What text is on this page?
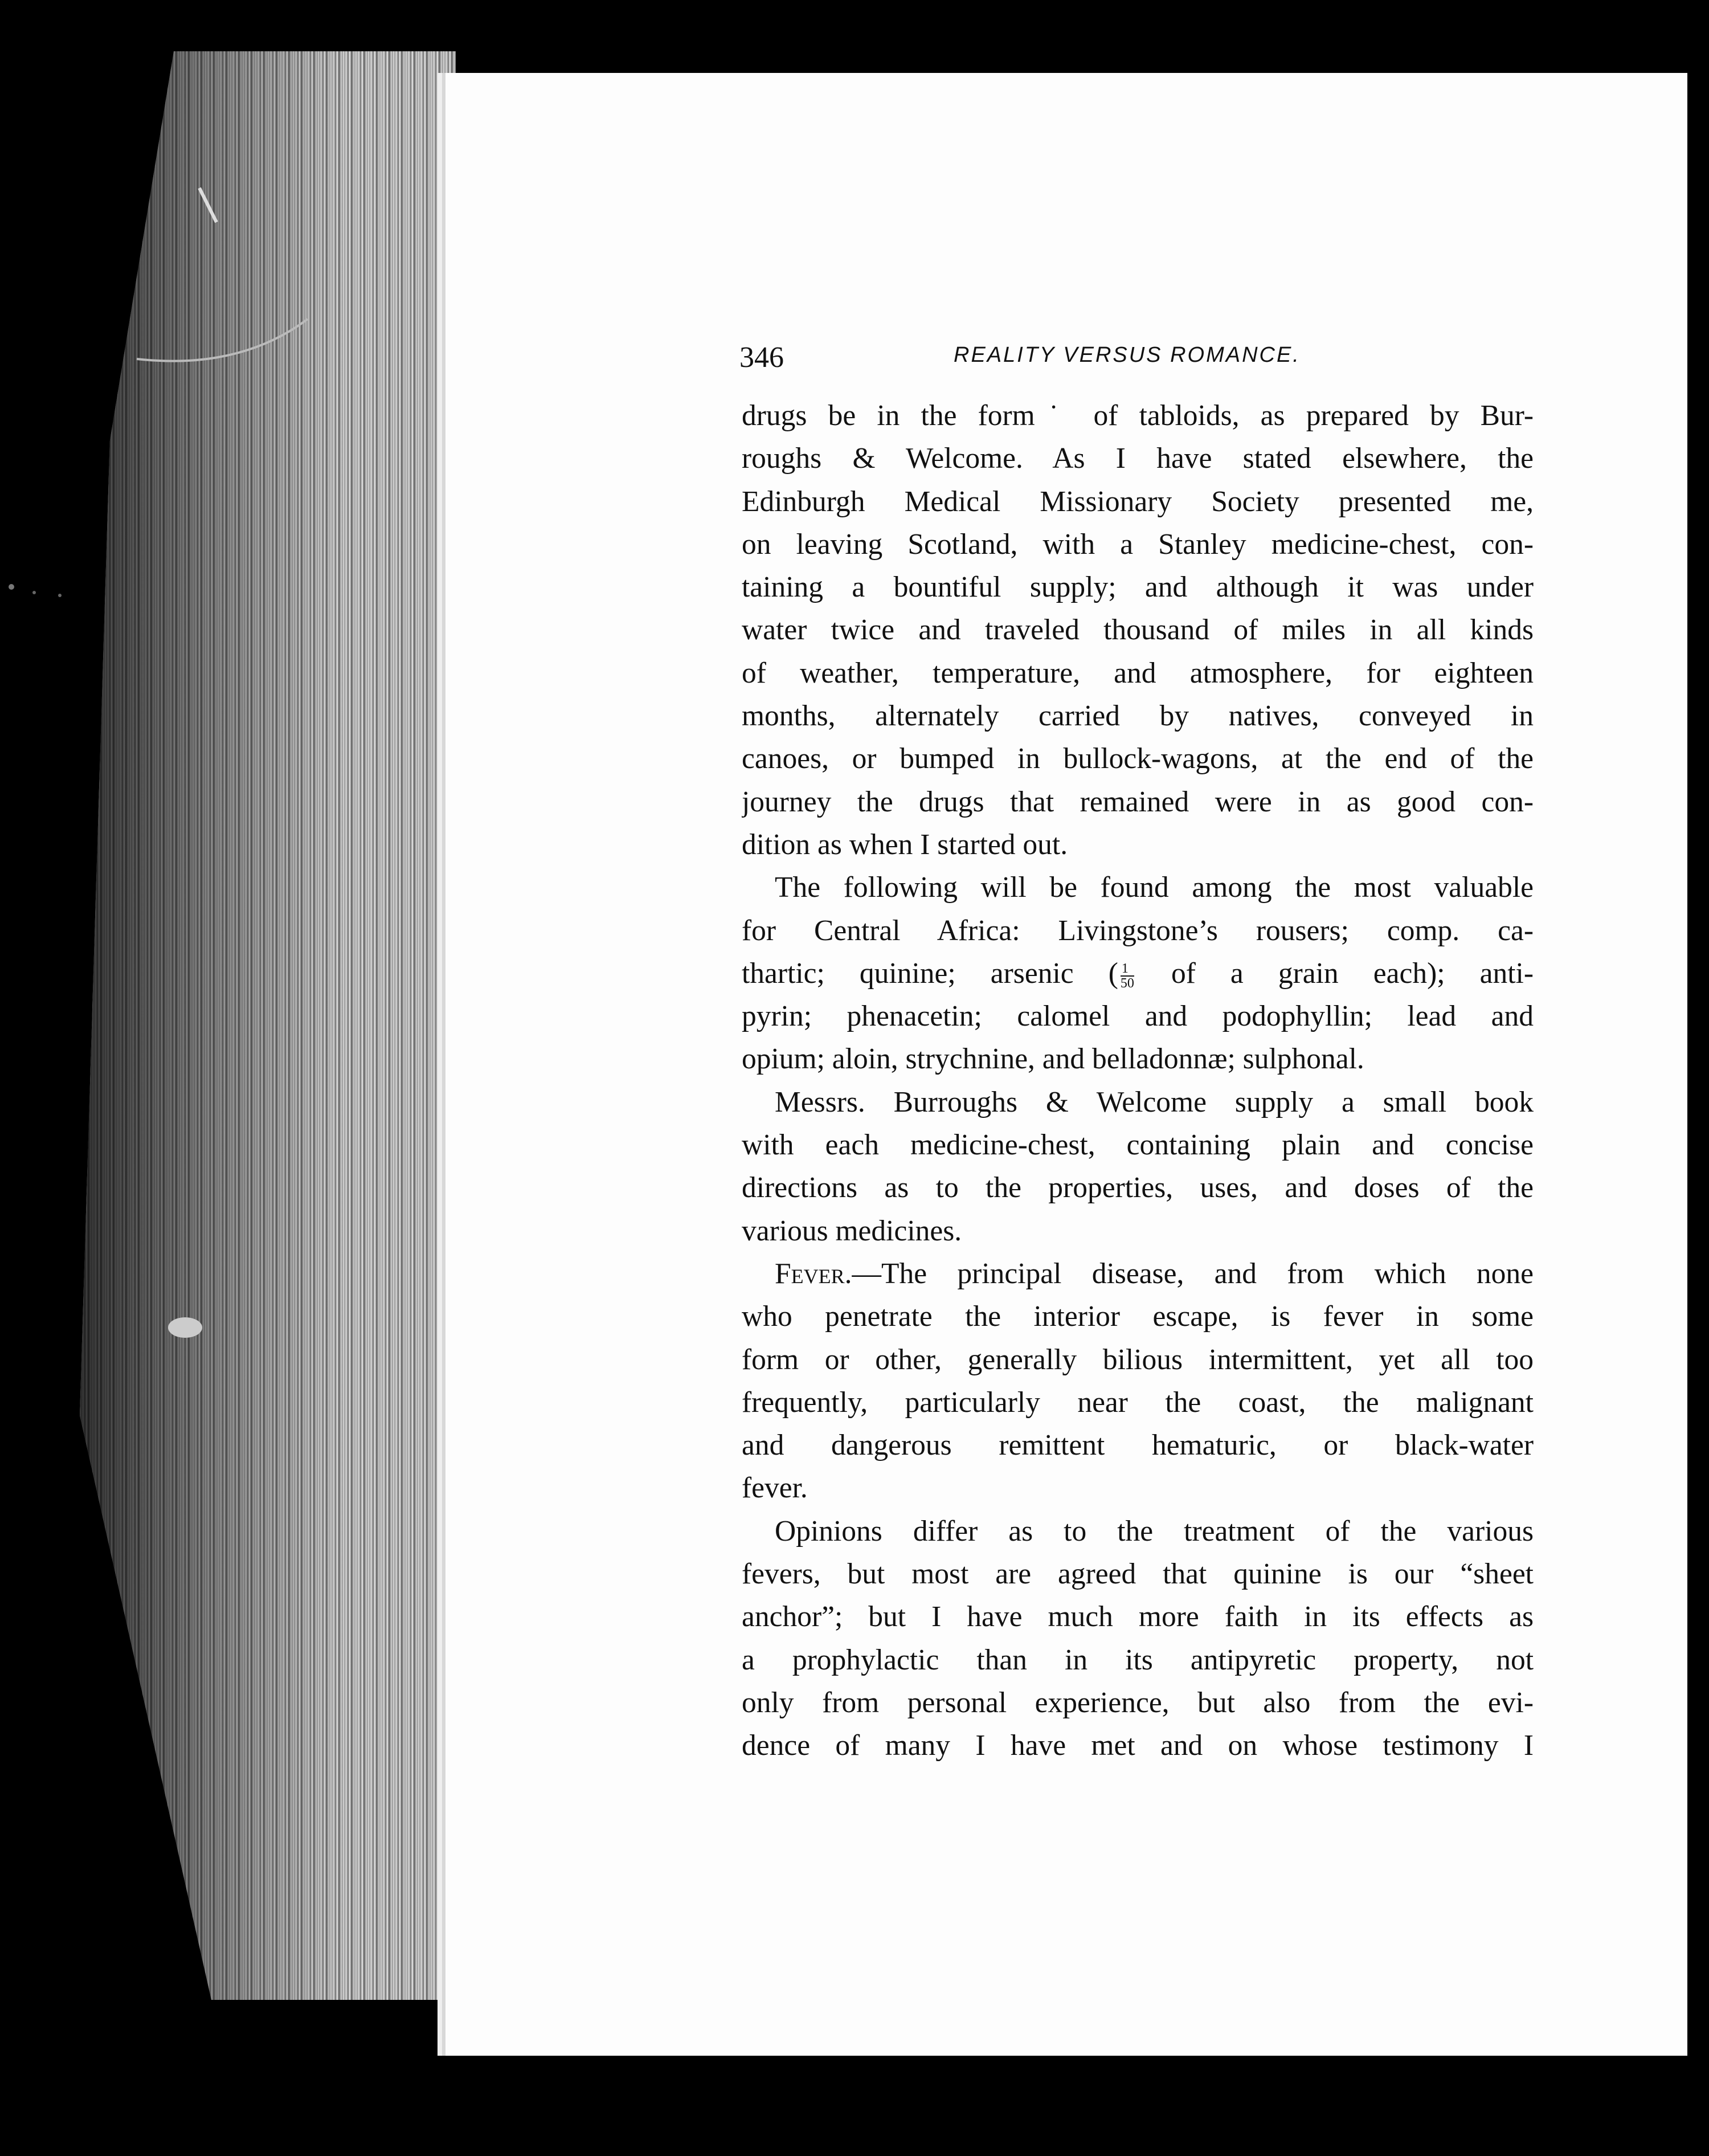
346	REALITY VERSUS ROMANCE.
drugs be in the form˙ of tabloids, as prepared by Bur-
roughs & Welcome. As I have stated elsewhere, the
Edinburgh Medical Missionary Society presented me,
on leaving Scotland, with a Stanley medicine-chest, con-
taining a bountiful supply; and although it was under
water twice and traveled thousand of miles in all kinds
of weather, temperature, and atmosphere, for eighteen
months, alternately carried by natives, conveyed in
canoes, or bumped in bullock-wagons, at the end of the
journey the drugs that remained were in as good con-
dition as when I started out.
The following will be found among the most valuable
for Central Africa: Livingstone’s rousers; comp. ca-
thartic; quinine; arsenic ( $\frac{1}{50}$ of a grain each); anti-
pyrin; phenacetin; calomel and podophyllin; lead and
opium; aloin, strychnine, and belladonnæ; sulphonal.
Messrs. Burroughs & Welcome supply a small book
with each medicine-chest, containing plain and concise
directions as to the properties, uses, and doses of the
various medicines.
Fever.—The principal disease, and from which none
who penetrate the interior escape, is fever in some
form or other, generally bilious intermittent, yet all too
frequently, particularly near the coast, the malignant
and dangerous remittent hematuric, or black-water
fever.
Opinions differ as to the treatment of the various
fevers, but most are agreed that quinine is our “sheet
anchor”; but I have much more faith in its effects as
a prophylactic than in its antipyretic property, not
only from personal experience, but also from the evi-
dence of many I have met and on whose testimony I
